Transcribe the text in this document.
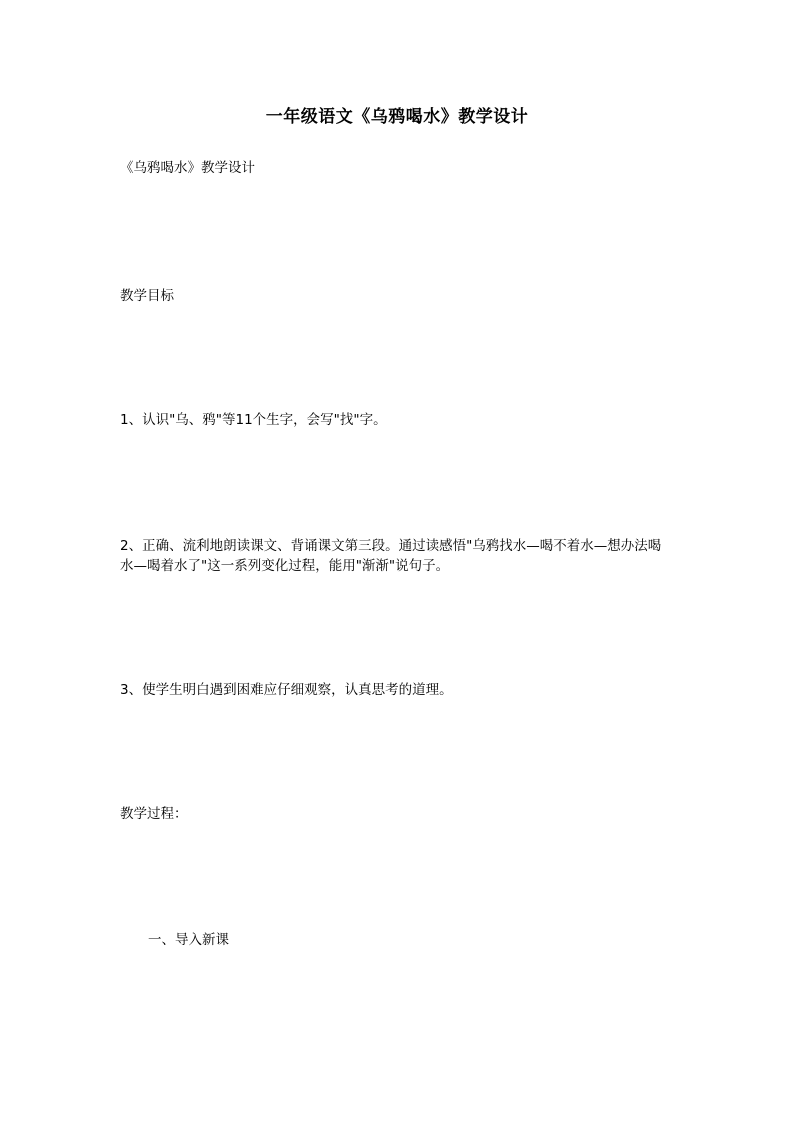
一年级语文《乌鸦喝水》教学设计
《乌鸦喝水》教学设计
教学目标
1、认识"乌、鸦"等11个生字，会写"找"字。
2、正确、流利地朗读课文、背诵课文第三段。通过读感悟"乌鸦找水—喝不着水—想办法喝水—喝着水了"这一系列变化过程，能用"渐渐"说句子。
3、使学生明白遇到困难应仔细观察，认真思考的道理。
教学过程：
一、导入新课
